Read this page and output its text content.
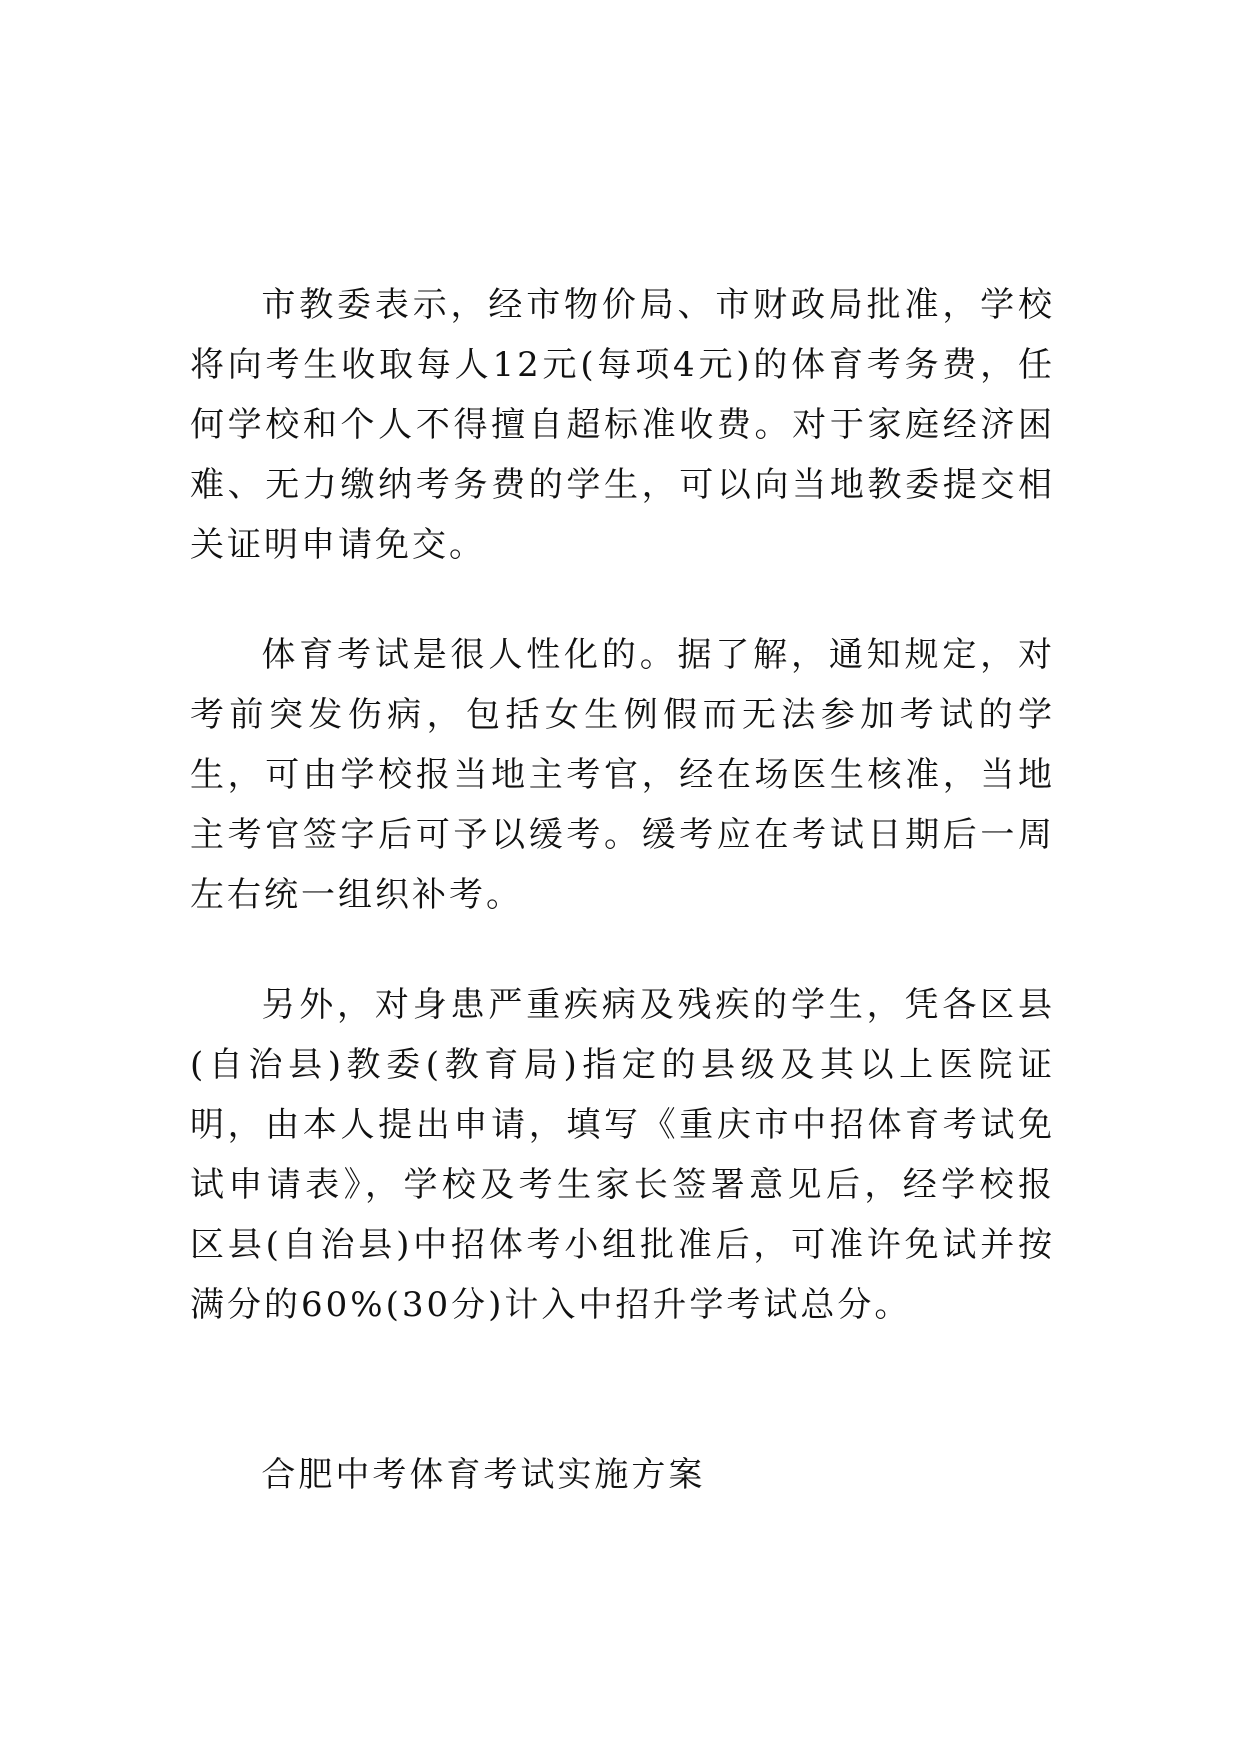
市教委表示，经市物价局、市财政局批准，学校将向考生收取每人12元(每项4元)的体育考务费，任何学校和个人不得擅自超标准收费。对于家庭经济困难、无力缴纳考务费的学生，可以向当地教委提交相关证明申请免交。

体育考试是很人性化的。据了解，通知规定，对考前突发伤病，包括女生例假而无法参加考试的学生，可由学校报当地主考官，经在场医生核准，当地主考官签字后可予以缓考。缓考应在考试日期后一周左右统一组织补考。

另外，对身患严重疾病及残疾的学生，凭各区县(自治县)教委(教育局)指定的县级及其以上医院证明，由本人提出申请，填写《重庆市中招体育考试免试申请表》，学校及考生家长签署意见后，经学校报区县(自治县)中招体考小组批准后，可准许免试并按满分的60%(30分)计入中招升学考试总分。

合肥中考体育考试实施方案
